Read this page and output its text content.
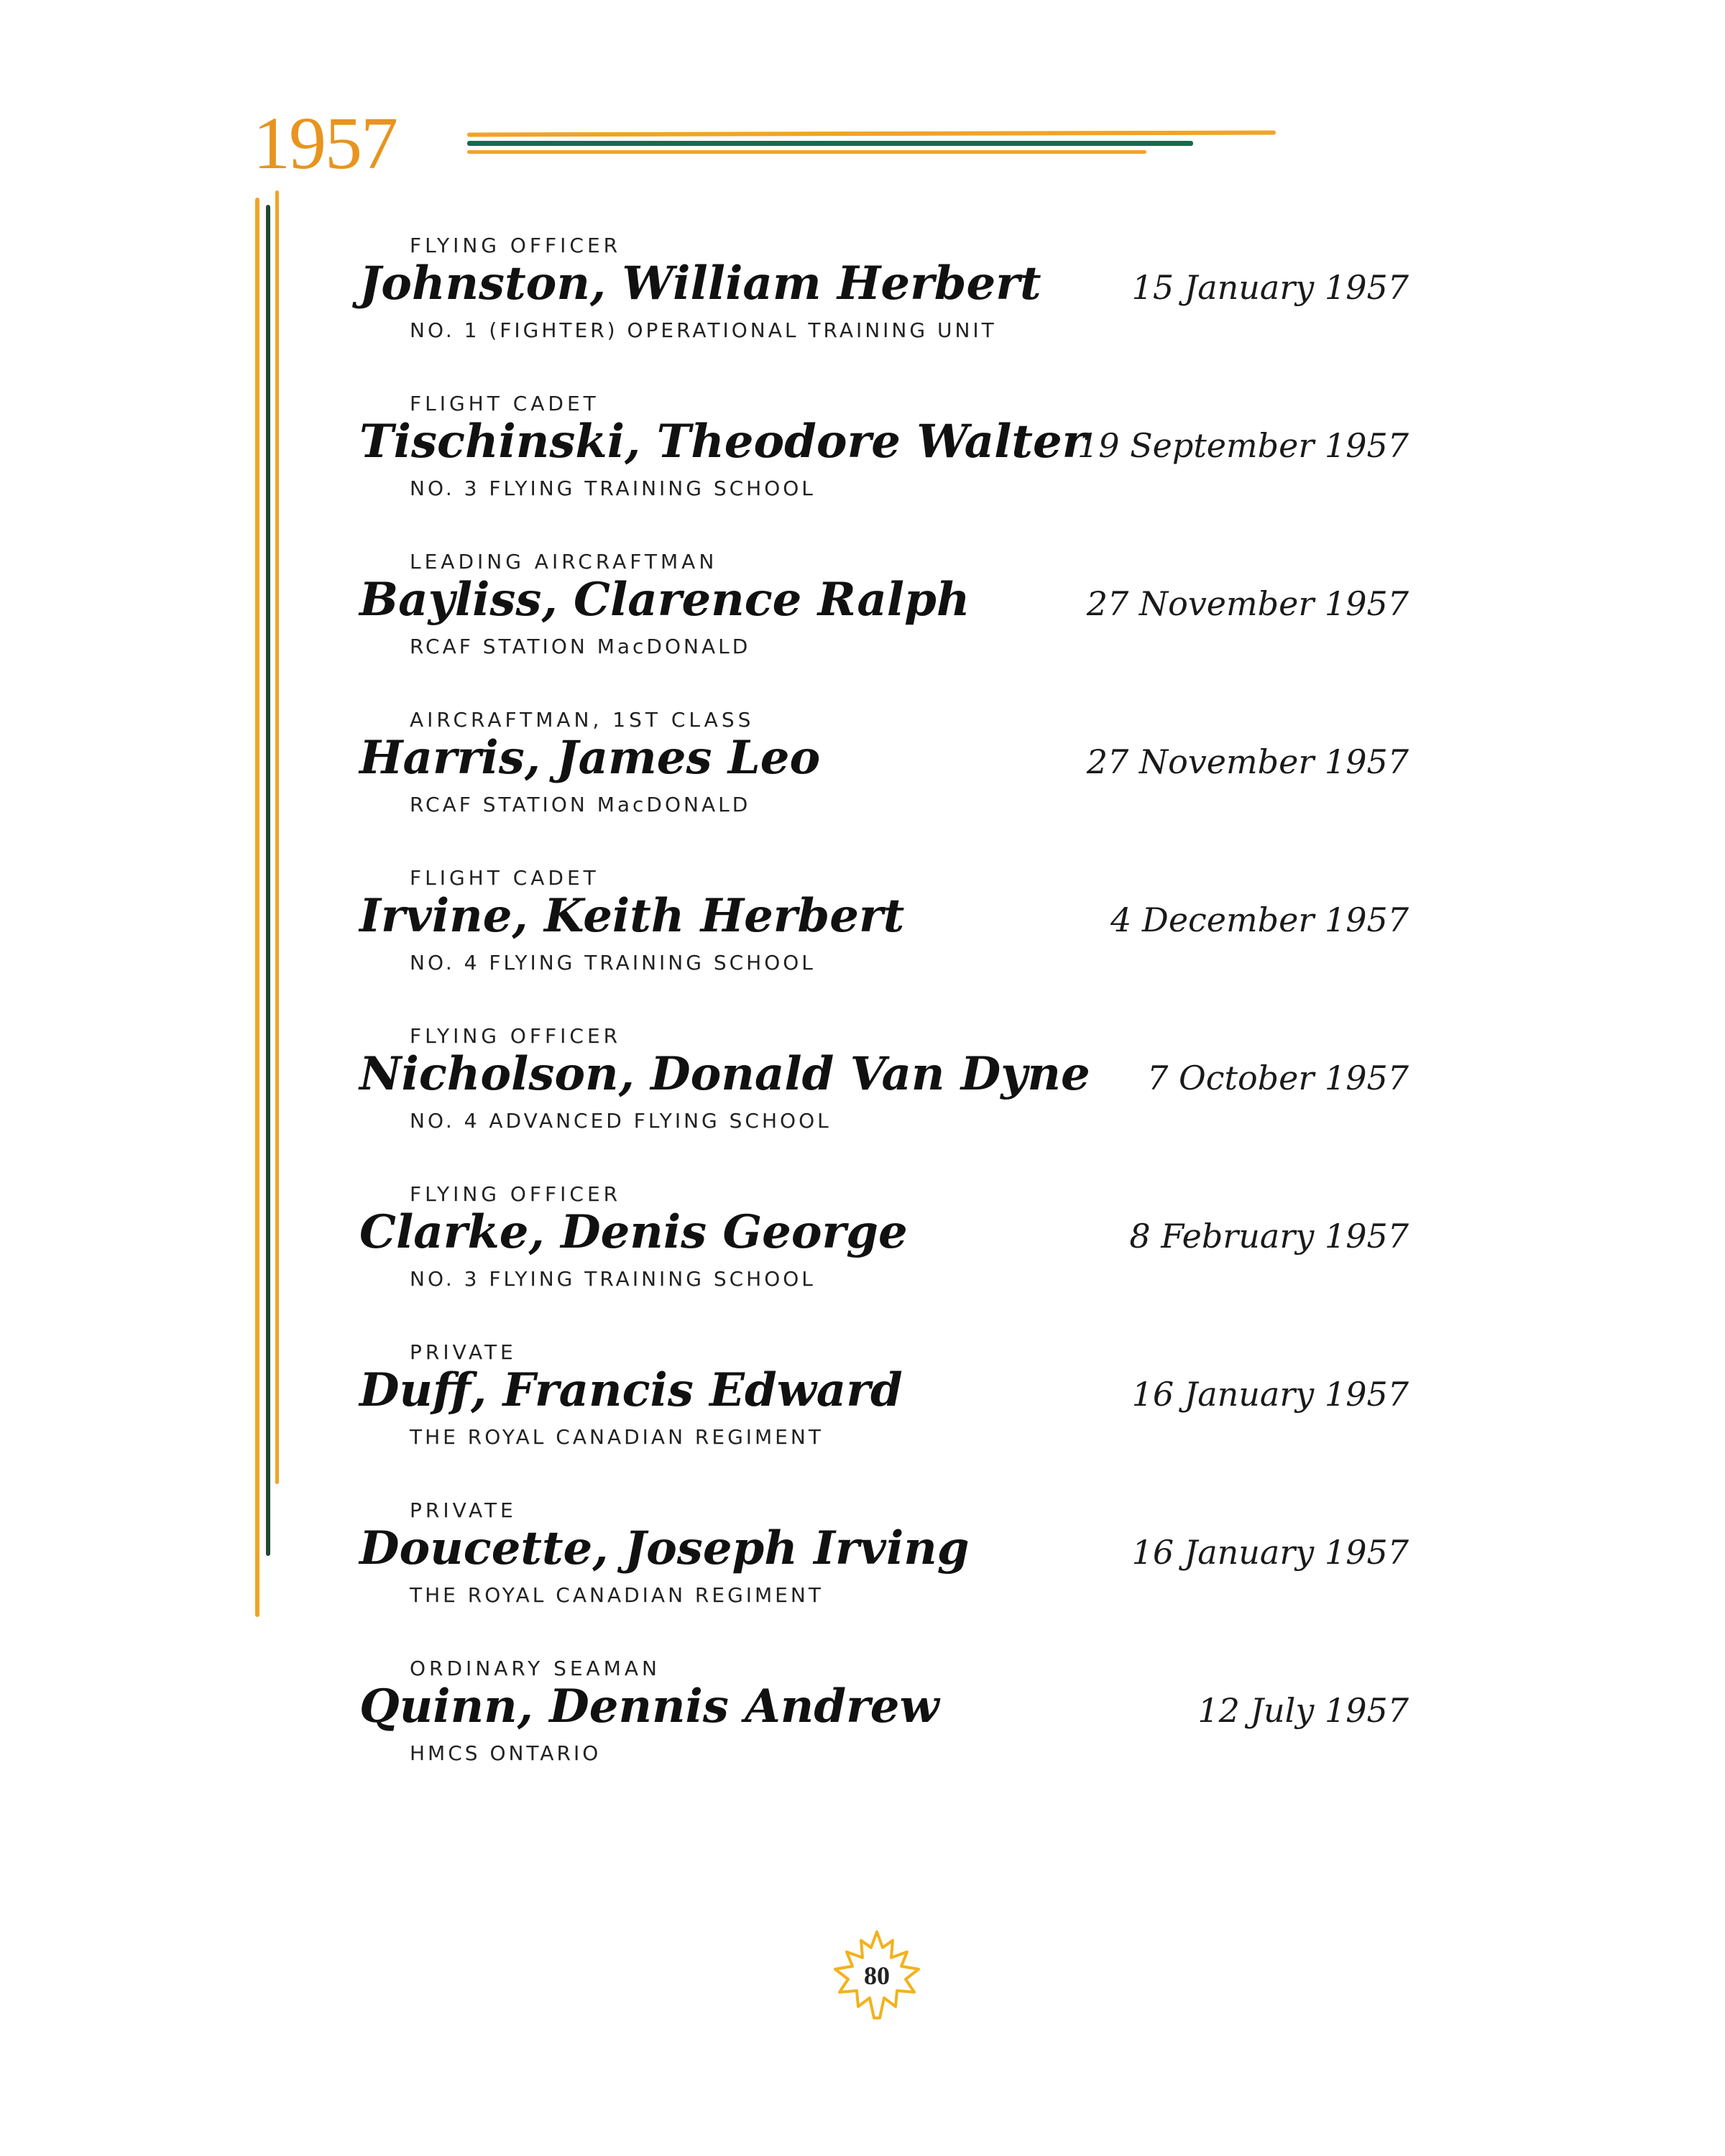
1957
FLYING OFFICER
Johnston, William Herbert
NO. 1 (FIGHTER) OPERATIONAL TRAINING UNIT
15 January 1957
FLIGHT CADET
Tischinski, Theodore Walter
NO. 3 FLYING TRAINING SCHOOL
19 September 1957
LEADING AIRCRAFTMAN
Bayliss, Clarence Ralph
RCAF STATION MacDONALD
27 November 1957
AIRCRAFTMAN, 1ST CLASS
Harris, James Leo
RCAF STATION MacDONALD
27 November 1957
FLIGHT CADET
Irvine, Keith Herbert
NO. 4 FLYING TRAINING SCHOOL
4 December 1957
FLYING OFFICER
Nicholson, Donald Van Dyne
NO. 4 ADVANCED FLYING SCHOOL
7 October 1957
FLYING OFFICER
Clarke, Denis George
NO. 3 FLYING TRAINING SCHOOL
8 February 1957
PRIVATE
Duff, Francis Edward
THE ROYAL CANADIAN REGIMENT
16 January 1957
PRIVATE
Doucette, Joseph Irving
THE ROYAL CANADIAN REGIMENT
16 January 1957
ORDINARY SEAMAN
Quinn, Dennis Andrew
HMCS ONTARIO
12 July 1957
80
